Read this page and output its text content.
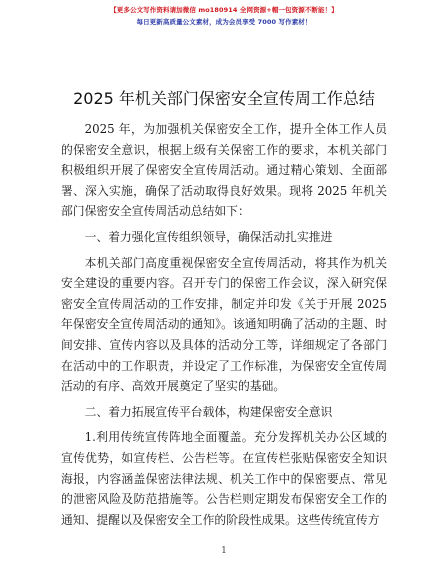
【更多公文写作资料请加微信 mo180914 全网资源+帽一包资源不断能！】
每日更新高质量公文素材，成为会员享受 7000 写作素材！
2025 年机关部门保密安全宣传周工作总结

2025 年，为加强机关保密安全工作，提升全体工作人员的保密安全意识，根据上级有关保密工作的要求，本机关部门积极组织开展了保密安全宣传周活动。通过精心策划、全面部署、深入实施，确保了活动取得良好效果。现将 2025 年机关部门保密安全宣传周活动总结如下：

一、着力强化宣传组织领导，确保活动扎实推进

本机关部门高度重视保密安全宣传周活动，将其作为机关安全建设的重要内容。召开专门的保密工作会议，深入研究保密安全宣传周活动的工作安排，制定并印发《关于开展 2025 年保密安全宣传周活动的通知》。该通知明确了活动的主题、时间安排、宣传内容以及具体的活动分工等，详细规定了各部门在活动中的工作职责，并设定了工作标准，为保密安全宣传周活动的有序、高效开展奠定了坚实的基础。

二、着力拓展宣传平台载体，构建保密安全意识

1.利用传统宣传阵地全面覆盖。充分发挥机关办公区域的宣传优势，如宣传栏、公告栏等。在宣传栏张贴保密安全知识海报，内容涵盖保密法律法规、机关工作中的保密要点、常见的泄密风险及防范措施等。公告栏则定期发布保密安全工作的通知、提醒以及保密安全工作的阶段性成果。这些传统宣传方

1
